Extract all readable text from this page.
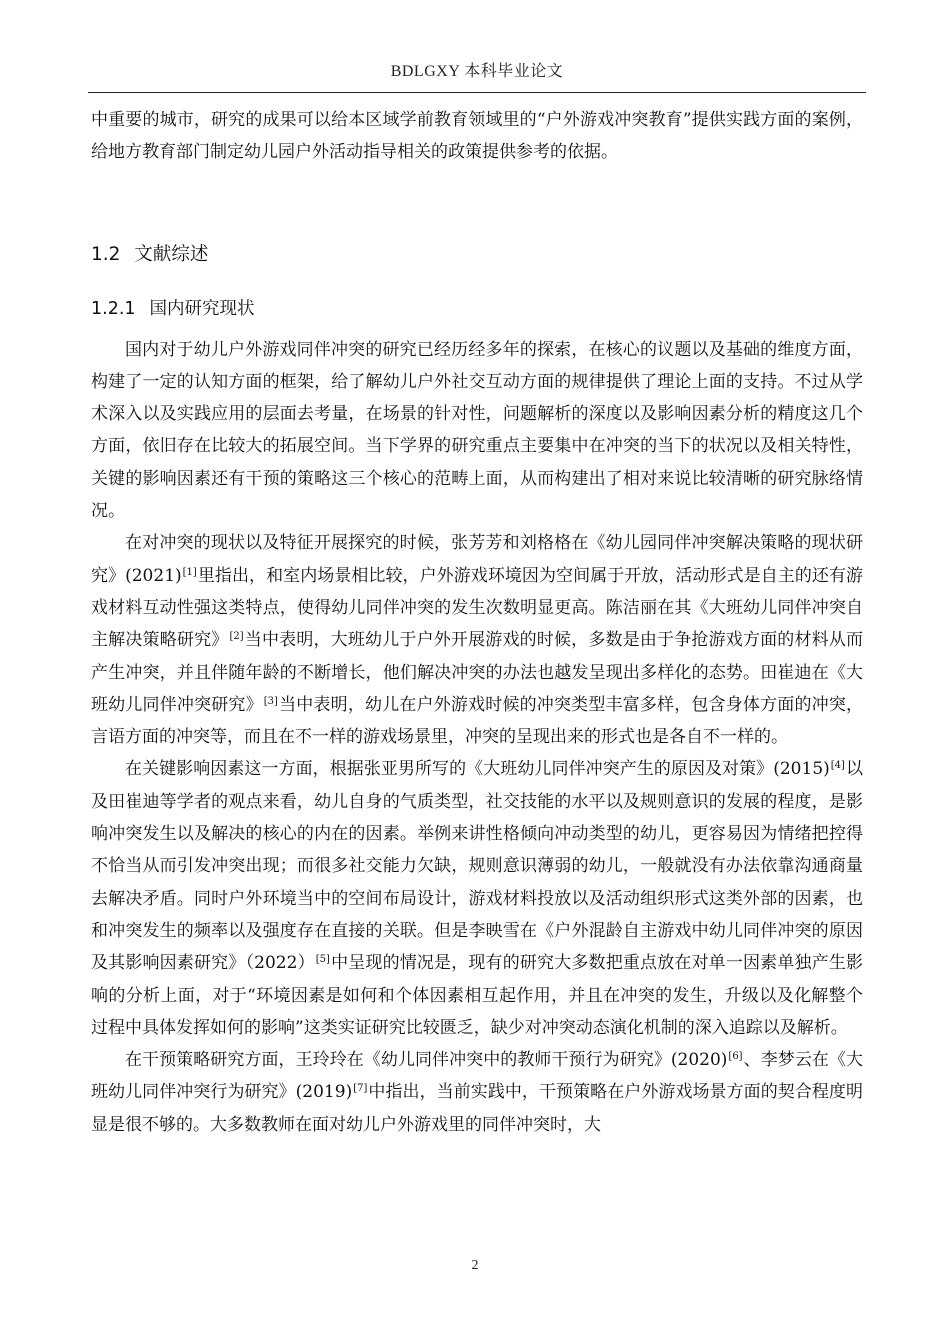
BDLGXY 本科毕业论文

中重要的城市，研究的成果可以给本区域学前教育领域里的“户外游戏冲突教育”提供实践方面的案例，给地方教育部门制定幼儿园户外活动指导相关的政策提供参考的依据。

1.2 文献综述
1.2.1 国内研究现状

国内对于幼儿户外游戏同伴冲突的研究已经历经多年的探索，在核心的议题以及基础的维度方面，构建了一定的认知方面的框架，给了解幼儿户外社交互动方面的规律提供了理论上面的支持。不过从学术深入以及实践应用的层面去考量，在场景的针对性，问题解析的深度以及影响因素分析的精度这几个方面，依旧存在比较大的拓展空间。当下学界的研究重点主要集中在冲突的当下的状况以及相关特性，关键的影响因素还有干预的策略这三个核心的范畴上面，从而构建出了相对来说比较清晰的研究脉络情况。

在对冲突的现状以及特征开展探究的时候，张芳芳和刘格格在《幼儿园同伴冲突解决策略的现状研究》(2021)[1]里指出，和室内场景相比较，户外游戏环境因为空间属于开放，活动形式是自主的还有游戏材料互动性强这类特点，使得幼儿同伴冲突的发生次数明显更高。陈洁丽在其《大班幼儿同伴冲突自主解决策略研究》[2]当中表明，大班幼儿于户外开展游戏的时候，多数是由于争抢游戏方面的材料从而产生冲突，并且伴随年龄的不断增长，他们解决冲突的办法也越发呈现出多样化的态势。田崔迪在《大班幼儿同伴冲突研究》[3]当中表明，幼儿在户外游戏时候的冲突类型丰富多样，包含身体方面的冲突，言语方面的冲突等，而且在不一样的游戏场景里，冲突的呈现出来的形式也是各自不一样的。

在关键影响因素这一方面，根据张亚男所写的《大班幼儿同伴冲突产生的原因及对策》(2015)[4]以及田崔迪等学者的观点来看，幼儿自身的气质类型，社交技能的水平以及规则意识的发展的程度，是影响冲突发生以及解决的核心的内在的因素。举例来讲性格倾向冲动类型的幼儿，更容易因为情绪把控得不恰当从而引发冲突出现；而很多社交能力欠缺，规则意识薄弱的幼儿，一般就没有办法依靠沟通商量去解决矛盾。同时户外环境当中的空间布局设计，游戏材料投放以及活动组织形式这类外部的因素，也和冲突发生的频率以及强度存在直接的关联。但是李映雪在《户外混龄自主游戏中幼儿同伴冲突的原因及其影响因素研究》（2022）[5]中呈现的情况是，现有的研究大多数把重点放在对单一因素单独产生影响的分析上面，对于“环境因素是如何和个体因素相互起作用，并且在冲突的发生，升级以及化解整个过程中具体发挥如何的影响”这类实证研究比较匮乏，缺少对冲突动态演化机制的深入追踪以及解析。

在干预策略研究方面，王玲玲在《幼儿同伴冲突中的教师干预行为研究》(2020)[6]、李梦云在《大班幼儿同伴冲突行为研究》(2019)[7]中指出，当前实践中，干预策略在户外游戏场景方面的契合程度明显是很不够的。大多数教师在面对幼儿户外游戏里的同伴冲突时，大

2
